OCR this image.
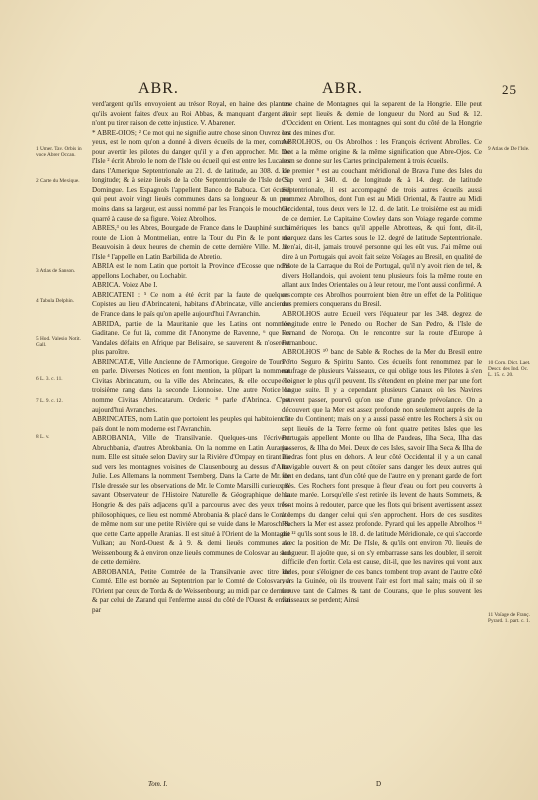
ABR.	ABR.	25
1 Umer. Tav. Orbis in voce Abrer Occan.
2 Carte du Mexique.
3 Atlas de Sanson.
4 Tabula Delphin.
5 Hod. Valesio Notit. Gall.
6 L. 3. c. 11.
7 L. 9. c. 12.
8 L. v.
9 Atlas de De l'Isle.
10 Corn. Dict. Laet. Descr. des Ind. Oc. L. 15. c. 20.
11 Voïage de Franç. Pyrard. 1. part. c. 1.

verd'argent qu'ils envoyoient au trésor Royal, en haine des plantes qu'ils avoient faites d'eux au Roi Abbas, & manquant d'argent ils n'ont pu tirer raison de cette injustice. V. Abarener.

* ABRE-OIOS; ² Ce mot qui ne signifie autre chose sinon Ouvrez les yeux, est le nom qu'on a donné à divers écueils de la mer, comme pour avertir les pilotes du danger qu'il y a d'en approcher. Mr. De l'Isle ² écrit Abrolo le nom de l'Isle ou écueil qui est entre les Lucaies dans l'Amerique Septentrionale au 21. d. de latitude, au 308. d. de longitude; & à seize lieuës de la côte Septentrionale de l'Isle de S. Domingue. Les Espagnols l'appellent Banco de Babuca. Cet écueil qui peut avoir vingt lieuës communes dans sa longueur & un peu moins dans sa largeur, est aussi nommé par les François le mouchoir quarré à cause de sa figure. Voiez Abrolhos.

ABRES,³ ou les Abres, Bourgade de France dans le Dauphiné sur la route de Lion à Montmelian, entre la Tour du Pin & le pont de Beauvoisin à deux heures de chemin de cette dernière Ville. M. de l'Isle ⁴ l'appelle en Latin Barbilida de Abretio.

ABRIA est le nom Latin que portoit la Province d'Ecosse que nous appellons Lochaber, ou Lochabir.

ABRICA. Voiez Abe I.

ABRICATENI : ⁵ Ce nom a été écrit par la faute de quelques Copistes au lieu d'Abrincateni, habitans d'Abrincatæ, ville ancienne de France dans le païs qu'on apelle aujourd'hui l'Avranchin.

ABRIDA, partie de la Mauritanie que les Latins ont nommée Gaditane. Ce fut là, comme dit l'Anonyme de Ravenne, ⁶ que les Vandales défaits en Afrique par Belisaire, se sauverent & n'oserent plus paroître.

ABRINCATÆ, Ville Ancienne de l'Armorique. Gregoire de Tours ⁷ en parle. Diverses Notices en font mention, la plûpart la nomment Civitas Abrincatum, ou la ville des Abrincates, & elle occupe le troisième rang dans la seconde Lionnoise. Une autre Notice la nomme Civitas Abrincatarum. Orderic ⁸ parle d'Abrinca. C'est aujourd'hui Avranches.

ABRINCATES, nom Latin que portoient les peuples qui habitoient le païs dont le nom moderne est l'Avranchin.

ABROBANIA, Ville de Transilvanie. Quelques-uns l'écrivent Abruchbania, d'autres Abrokbania. On la nomme en Latin Auraria-num. Elle est située selon Daviry sur la Rivière d'Ompay en tirant au sud vers les montagnes voisines de Clausenbourg au dessus d'Albe Julie. Les Allemans la nomment Tsemberg. Dans la Carte de Mr. de l'Isle dressée sur les observations de Mr. le Comte Marsilli curieux & savant Observateur de l'Histoire Naturelle & Géographique de la Hongrie & des païs adjacens qu'il a parcourus avec des yeux très-philosophiques, ce lieu est nommé Abrobania & placé dans le Comté de même nom sur une petite Rivière qui se vuide dans le Marosch & que cette Carte appelle Aranias. Il est situé à l'Orient de la Montagne Vulkan; au Nord-Ouest & à 9. & demi lieuës communes de Weissenbourg & à environ onze lieuës communes de Colosvar au sud de cette dernière.

ABROBANIA, Petite Comtrée de la Transilvanie avec titre de Comté. Elle est bornée au Septentrion par le Comté de Colosvar; à l'Orient par ceux de Torda & de Weissenbourg; au midi par ce dernier & par celui de Zarand qui l'enferme aussi du côté de l'Ouest & enfin par

une chaine de Montagnes qui la separent de la Hongrie. Elle peut avoir sept lieuës & demie de longueur du Nord au Sud & 12. d'Occident en Orient. Les montagnes qui sont du côté de la Hongrie ont des mines d'or.

ABROLHOS, ou Os Abrolhos : les François écrivent Abrolles. Ce mot a la même origine & la même signification que Abre-Ojos. Ce nom se donne sur les Cartes principalement à trois écueils.

Le premier ⁹ est au couchant méridional de Brava l'une des Isles du Cap verd à 340. d. de longitude & à 14. degr. de latitude Septentrionale, il est accompagné de trois autres écueils aussi nommez Abrolhos, dont l'un est au Midi Oriental, & l'autre au Midi Occidental, tous deux vers le 12. d. de latit. Le troisième est au midi de ce dernier. Le Capitaine Cowley dans son Voiage regarde comme chimériques les bancs qu'il appelle Abrotteas, & qui font, dit-il, marquez dans les Cartes sous le 12. degré de latitude Septentrionale. Je n'ai, dit-il, jamais trouvé personne qui les eût vus. J'ai même oui dire à un Portugais qui avoit fait seize Voïages au Bresil, en qualité de Pilote de la Carraque du Roi de Portugal, qu'il n'y avoit rien de tel, & divers Hollandois, qui avoient tenu plusieurs fois la même route en allant aux Indes Orientales ou à leur retour, me l'ont aussi confirmé. A ce compte ces Abrolhos pourroient bien être un effet de la Politique des premiers conquerans du Bresil.

ABROLHOS autre Ecueil vers l'équateur par les 348. degrez de longitude entre le Penedo ou Rocher de San Pedro, & l'Isle de Fernand de Noroņa. On le rencontre sur la route d'Europe à Fernanbouc.

ABROLHOS ¹⁰ banc de Sable & Roches de la Mer du Bresil entre Porto Seguro & Spiritu Santo. Ces écueils font renommez par le naufrage de plusieurs Vaisseaux, ce qui oblige tous les Pilotes à s'en éloigner le plus qu'il peuvent. Ils s'étendent en pleine mer par une fort longue suite. Il y a cependant plusieurs Canaux où les Navires peuvent passer, pourvû qu'on use d'une grande prévoïance. On a découvert que la Mer est assez profonde non seulement auprès de la côte du Continent; mais on y a aussi passé entre les Rochers à six ou sept lieuës de la Terre ferme où font quatre petites Isles que les Portugais appellent Monte ou Ilha de Paudeas, Ilha Seca, Ilha das passeros, & Ilha do Mei. Deux de ces Isles, savoir Ilha Seca & Ilha de Piedras font plus en dehors. A leur côté Occidental il y a un canal navigable ouvert & on peut côtoïer sans danger les deux autres qui font en dedans, tant d'un côté que de l'autre en y prenant garde de fort près. Ces Rochers font presque à fleur d'eau ou fort peu couverts à haute marée. Lorsqu'elle s'est retirée ils levent de hauts Sommets, & font moins à redouter, parce que les flots qui brisent avertissent assez à temps du danger celui qui s'en approchent. Hors de ces susdites Rochers la Mer est assez profonde. Pyrard qui les appelle Abrolhos ¹¹ dit ¹² qu'ils sont sous le 18. d. de latitude Méridionale, ce qui s'accorde avec la position de Mr. De l'Isle, & qu'ils ont environ 70. lieuës de longueur. Il ajoûte que, si on s'y embarrasse sans les doubler, il seroit difficile d'en fortir. Cela est cause, dit-il, que les navires qui vont aux Indes, pour s'éloigner de ces bancs tombent trop avant de l'autre côté vers la Guinée, où ils trouvent l'air est fort mal sain; mais où il se trouve tant de Calmes & tant de Courans, que le plus souvent les vaisseaux se perdent; Ainsi

Tom. I.	D
